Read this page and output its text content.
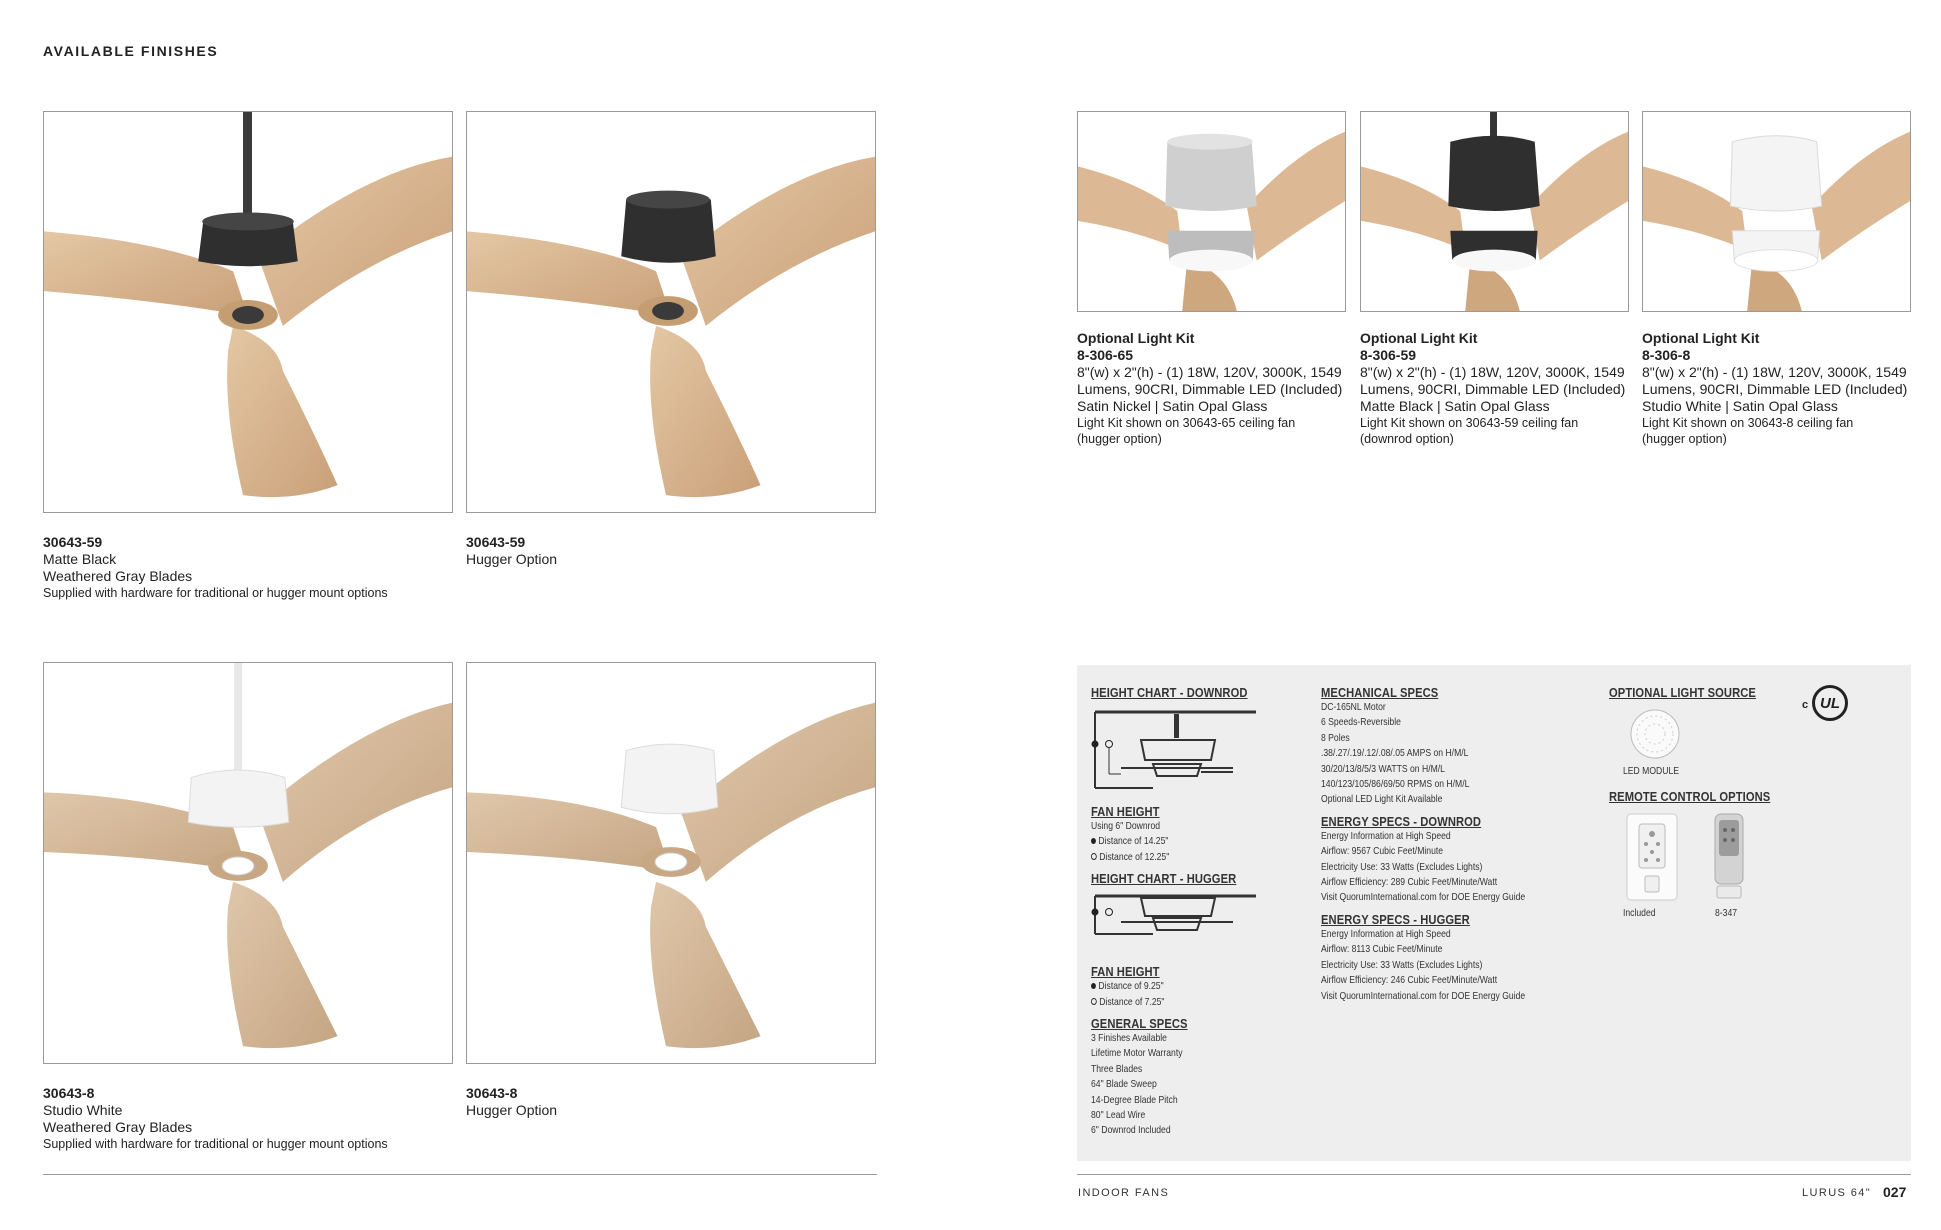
AVAILABLE FINISHES
30643-59
Matte Black
Weathered Gray Blades
Supplied with hardware for traditional or hugger mount options
30643-59
Hugger Option
30643-8
Studio White
Weathered Gray Blades
Supplied with hardware for traditional or hugger mount options
30643-8
Hugger Option
Optional Light Kit
8-306-65
8"(w) x 2"(h) - (1) 18W, 120V, 3000K, 1549
Lumens, 90CRI, Dimmable LED (Included)
Satin Nickel | Satin Opal Glass
Light Kit shown on 30643-65 ceiling fan
(hugger option)
Optional Light Kit
8-306-59
8"(w) x 2"(h) - (1) 18W, 120V, 3000K, 1549
Lumens, 90CRI, Dimmable LED (Included)
Matte Black | Satin Opal Glass
Light Kit shown on 30643-59 ceiling fan
(downrod option)
Optional Light Kit
8-306-8
8"(w) x 2"(h) - (1) 18W, 120V, 3000K, 1549
Lumens, 90CRI, Dimmable LED (Included)
Studio White | Satin Opal Glass
Light Kit shown on 30643-8 ceiling fan
(hugger option)
HEIGHT CHART - DOWNROD
FAN HEIGHT
Using 6" Downrod
Distance of 14.25"
Distance of 12.25"
HEIGHT CHART - HUGGER
FAN HEIGHT
Distance of 9.25"
Distance of 7.25"
GENERAL SPECS
3 Finishes Available
Lifetime Motor Warranty
Three Blades
64" Blade Sweep
14-Degree Blade Pitch
80" Lead Wire
6" Downrod Included
MECHANICAL SPECS
DC-165NL Motor
6 Speeds-Reversible
8 Poles
.38/.27/.19/.12/.08/.05 AMPS on H/M/L
30/20/13/8/5/3 WATTS on H/M/L
140/123/105/86/69/50 RPMS on H/M/L
Optional LED Light Kit Available
ENERGY SPECS - DOWNROD
Energy Information at High Speed
Airflow: 9567 Cubic Feet/Minute
Electricity Use: 33 Watts (Excludes Lights)
Airflow Efficiency: 289 Cubic Feet/Minute/Watt
Visit QuorumInternational.com for DOE Energy Guide
ENERGY SPECS - HUGGER
Energy Information at High Speed
Airflow: 8113 Cubic Feet/Minute
Electricity Use: 33 Watts (Excludes Lights)
Airflow Efficiency: 246 Cubic Feet/Minute/Watt
Visit QuorumInternational.com for DOE Energy Guide
OPTIONAL LIGHT SOURCE
LED MODULE
REMOTE CONTROL OPTIONS
Included	8-347
c UL
INDOOR FANS	LURUS 64" 027
